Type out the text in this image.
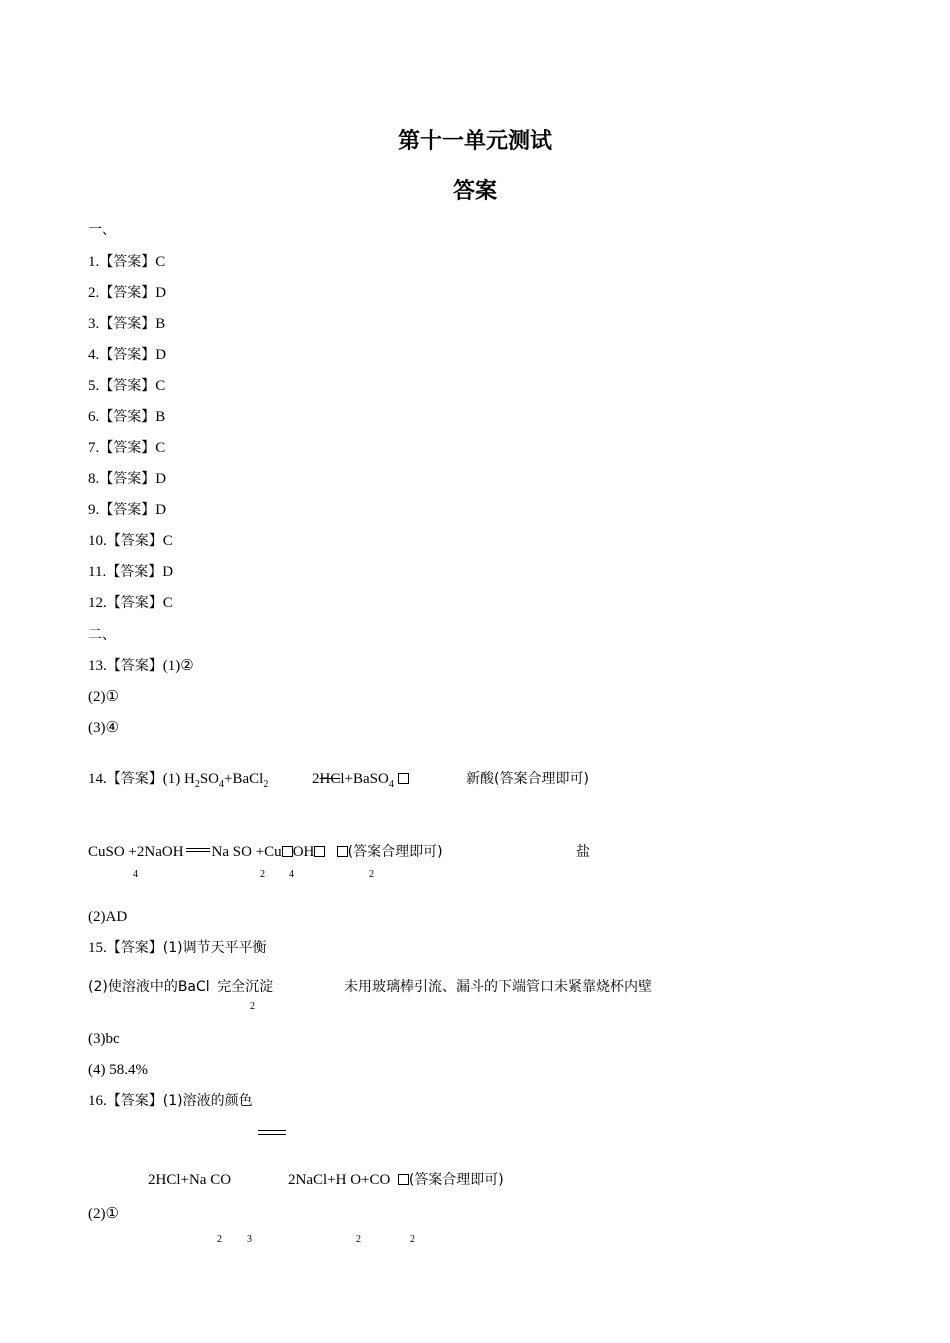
第十一单元测试
答案
一、
1.【答案】C
2.【答案】D
3.【答案】B
4.【答案】D
5.【答案】C
6.【答案】B
7.【答案】C
8.【答案】D
9.【答案】D
10.【答案】C
11.【答案】D
12.【答案】C
二、
13.【答案】(1)②
(2)①
(3)④
14.【答案】(1) $H_2SO_4+BaCl_2$	2HCl+BaSO$_4$	新酸(答案合理即可)
CuSO +2NaOH Na SO +Cu OH (答案合理即可)	盐
4	2 4	2
(2)AD
15.【答案】(1)调节天平平衡
(2)使溶液中的BaCl 完全沉淀
2
未用玻璃棒引流、漏斗的下端管口未紧靠烧杯内壁
(3)bc
(4) 58.4%
16.【答案】(1)溶液的颜色
2HCl+Na CO	2NaCl+H O+CO (答案合理即可)
(2)①
2	3	2	2
